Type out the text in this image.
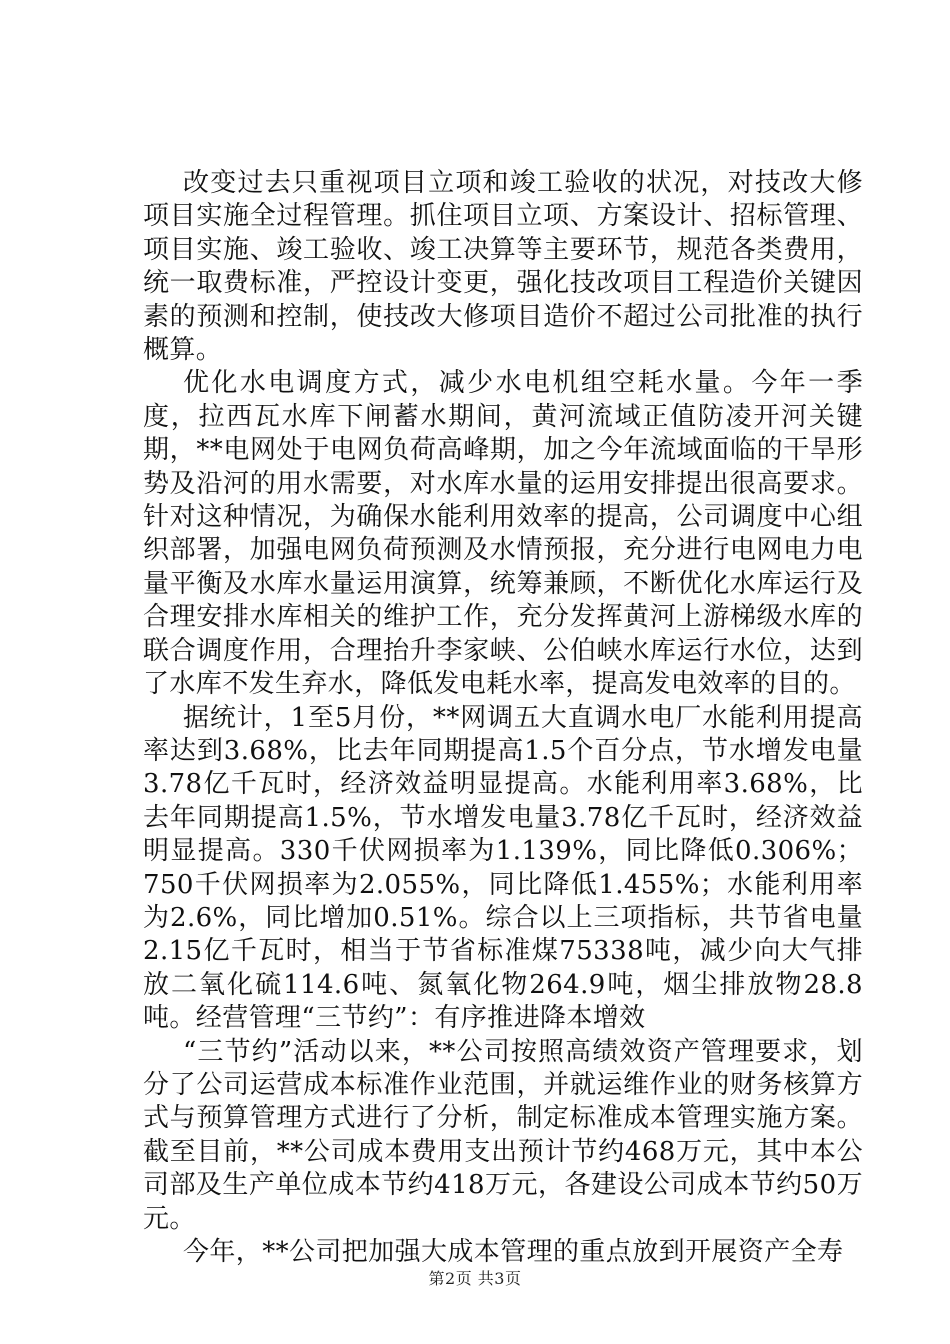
改变过去只重视项目立项和竣工验收的状况，对技改大修项目实施全过程管理。抓住项目立项、方案设计、招标管理、项目实施、竣工验收、竣工决算等主要环节，规范各类费用，统一取费标准，严控设计变更，强化技改项目工程造价关键因素的预测和控制，使技改大修项目造价不超过公司批准的执行概算。

优化水电调度方式，减少水电机组空耗水量。今年一季度，拉西瓦水库下闸蓄水期间，黄河流域正值防凌开河关键期，**电网处于电网负荷高峰期，加之今年流域面临的干旱形势及沿河的用水需要，对水库水量的运用安排提出很高要求。针对这种情况，为确保水能利用效率的提高，公司调度中心组织部署，加强电网负荷预测及水情预报，充分进行电网电力电量平衡及水库水量运用演算，统筹兼顾，不断优化水库运行及合理安排水库相关的维护工作，充分发挥黄河上游梯级水库的联合调度作用，合理抬升李家峡、公伯峡水库运行水位，达到了水库不发生弃水，降低发电耗水率，提高发电效率的目的。

据统计，1至5月份，**网调五大直调水电厂水能利用提高率达到3.68%，比去年同期提高1.5个百分点，节水增发电量3.78亿千瓦时，经济效益明显提高。水能利用率3.68%，比去年同期提高1.5%，节水增发电量3.78亿千瓦时，经济效益明显提高。330千伏网损率为1.139%，同比降低0.306%；750千伏网损率为2.055%，同比降低1.455%；水能利用率为2.6%，同比增加0.51%。综合以上三项指标，共节省电量2.15亿千瓦时，相当于节省标准煤75338吨，减少向大气排放二氧化硫114.6吨、氮氧化物264.9吨，烟尘排放物28.8吨。经营管理“三节约”：有序推进降本增效

“三节约”活动以来，**公司按照高绩效资产管理要求，划分了公司运营成本标准作业范围，并就运维作业的财务核算方式与预算管理方式进行了分析，制定标准成本管理实施方案。截至目前，**公司成本费用支出预计节约468万元，其中本公司部及生产单位成本节约418万元，各建设公司成本节约50万元。

今年，**公司把加强大成本管理的重点放到开展资产全寿

第2页 共3页
